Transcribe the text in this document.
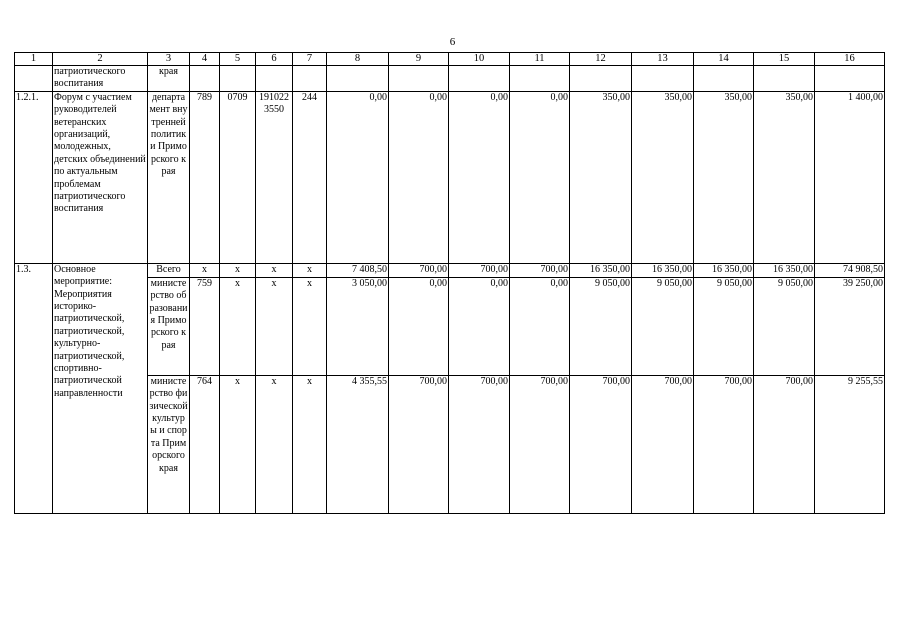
6
1	2	3	4	5	6	7	8	9	10	11	12	13	14	15	16
	патриотического воспитания	края													
1.2.1.	Форум с участием руководителей ветеранских организаций, молодежных, детских объединений по актуальным проблемам патриотического воспитания	департамент внутренней политики Приморского края	789	0709	1910223550	244	0,00	0,00	0,00	0,00	350,00	350,00	350,00	350,00	1 400,00
1.3.	Основное мероприятие: Мероприятия историко-патриотической, патриотической, культурно-патриотической, спортивно-патриотической направленности	Всего	х	х	х	х	7 408,50	700,00	700,00	700,00	16 350,00	16 350,00	16 350,00	16 350,00	74 908,50
		министерство образования Приморского края	759	х	х	х	3 050,00	0,00	0,00	0,00	9 050,00	9 050,00	9 050,00	9 050,00	39 250,00
		министерство физической культуры и спорта Приморского края	764	х	х	х	4 355,55	700,00	700,00	700,00	700,00	700,00	700,00	700,00	9 255,55
